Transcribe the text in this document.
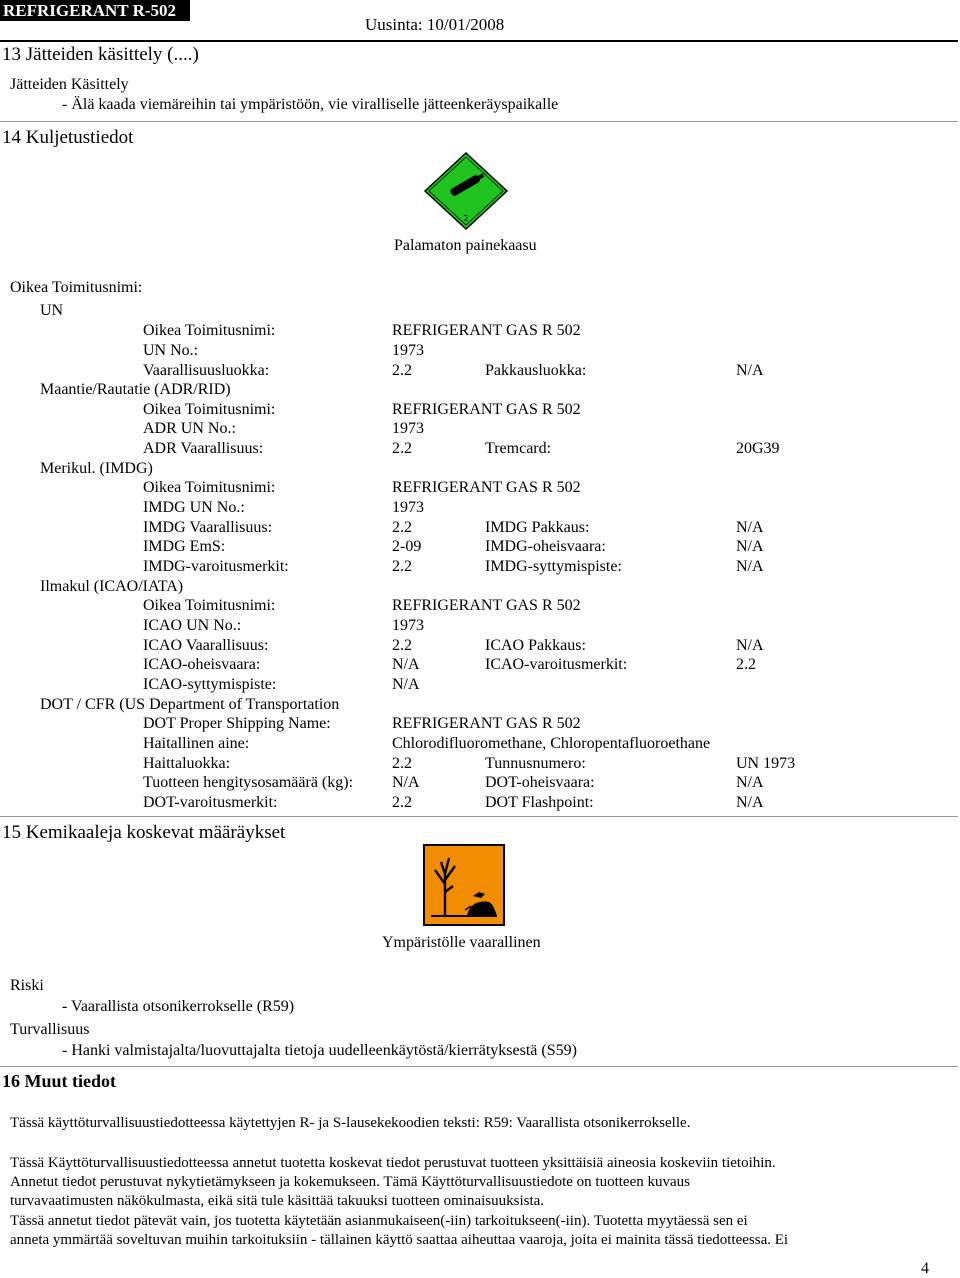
REFRIGERANT R-502
Uusinta: 10/01/2008
13 Jätteiden käsittely (....)
Jätteiden Käsittely
- Älä kaada viemäreihin tai ympäristöön, vie viralliselle jätteenkeräyspaikalle
14 Kuljetustiedot
2
Palamaton painekaasu
Oikea Toimitusnimi:
UN
Oikea Toimitusnimi:	REFRIGERANT GAS R 502
UN No.:	1973
Vaarallisuusluokka:	2.2	Pakkausluokka:	N/A
Maantie/Rautatie (ADR/RID)
Oikea Toimitusnimi:	REFRIGERANT GAS R 502
ADR UN No.:	1973
ADR Vaarallisuus:	2.2	Tremcard:	20G39
Merikul. (IMDG)
Oikea Toimitusnimi:	REFRIGERANT GAS R 502
IMDG UN No.:	1973
IMDG Vaarallisuus:	2.2	IMDG Pakkaus:	N/A
IMDG EmS:	2-09	IMDG-oheisvaara:	N/A
IMDG-varoitusmerkit:	2.2	IMDG-syttymispiste:	N/A
Ilmakul (ICAO/IATA)
Oikea Toimitusnimi:	REFRIGERANT GAS R 502
ICAO UN No.:	1973
ICAO Vaarallisuus:	2.2	ICAO Pakkaus:	N/A
ICAO-oheisvaara:	N/A	ICAO-varoitusmerkit:	2.2
ICAO-syttymispiste:	N/A
DOT / CFR (US Department of Transportation
DOT Proper Shipping Name:	REFRIGERANT GAS R 502
Haitallinen aine:	Chlorodifluoromethane, Chloropentafluoroethane
Haittaluokka:	2.2	Tunnusnumero:	UN 1973
Tuotteen hengitysosamäärä (kg): N/A	DOT-oheisvaara:	N/A
DOT-varoitusmerkit:	2.2	DOT Flashpoint:	N/A
15 Kemikaaleja koskevat määräykset
Ympäristölle vaarallinen
Riski
- Vaarallista otsonikerrokselle (R59)
Turvallisuus
- Hanki valmistajalta/luovuttajalta tietoja uudelleenkäytöstä/kierrätyksestä (S59)
16 Muut tiedot
Tässä käyttöturvallisuustiedotteessa käytettyjen R- ja S-lausekekoodien teksti: R59: Vaarallista otsonikerrokselle.
Tässä Käyttöturvallisuustiedotteessa annetut tuotetta koskevat tiedot perustuvat tuotteen yksittäisiä aineosia koskeviin tietoihin.
Annetut tiedot perustuvat nykytietämykseen ja kokemukseen. Tämä Käyttöturvallisuustiedote on tuotteen kuvaus
turvavaatimusten näkökulmasta, eikä sitä tule käsittää takuuksi tuotteen ominaisuuksista.
Tässä annetut tiedot pätevät vain, jos tuotetta käytetään asianmukaiseen(-iin) tarkoitukseen(-iin). Tuotetta myytäessä sen ei
anneta ymmärtää soveltuvan muihin tarkoituksiin - tällainen käyttö saattaa aiheuttaa vaaroja, joita ei mainita tässä tiedotteessa. Ei
4
